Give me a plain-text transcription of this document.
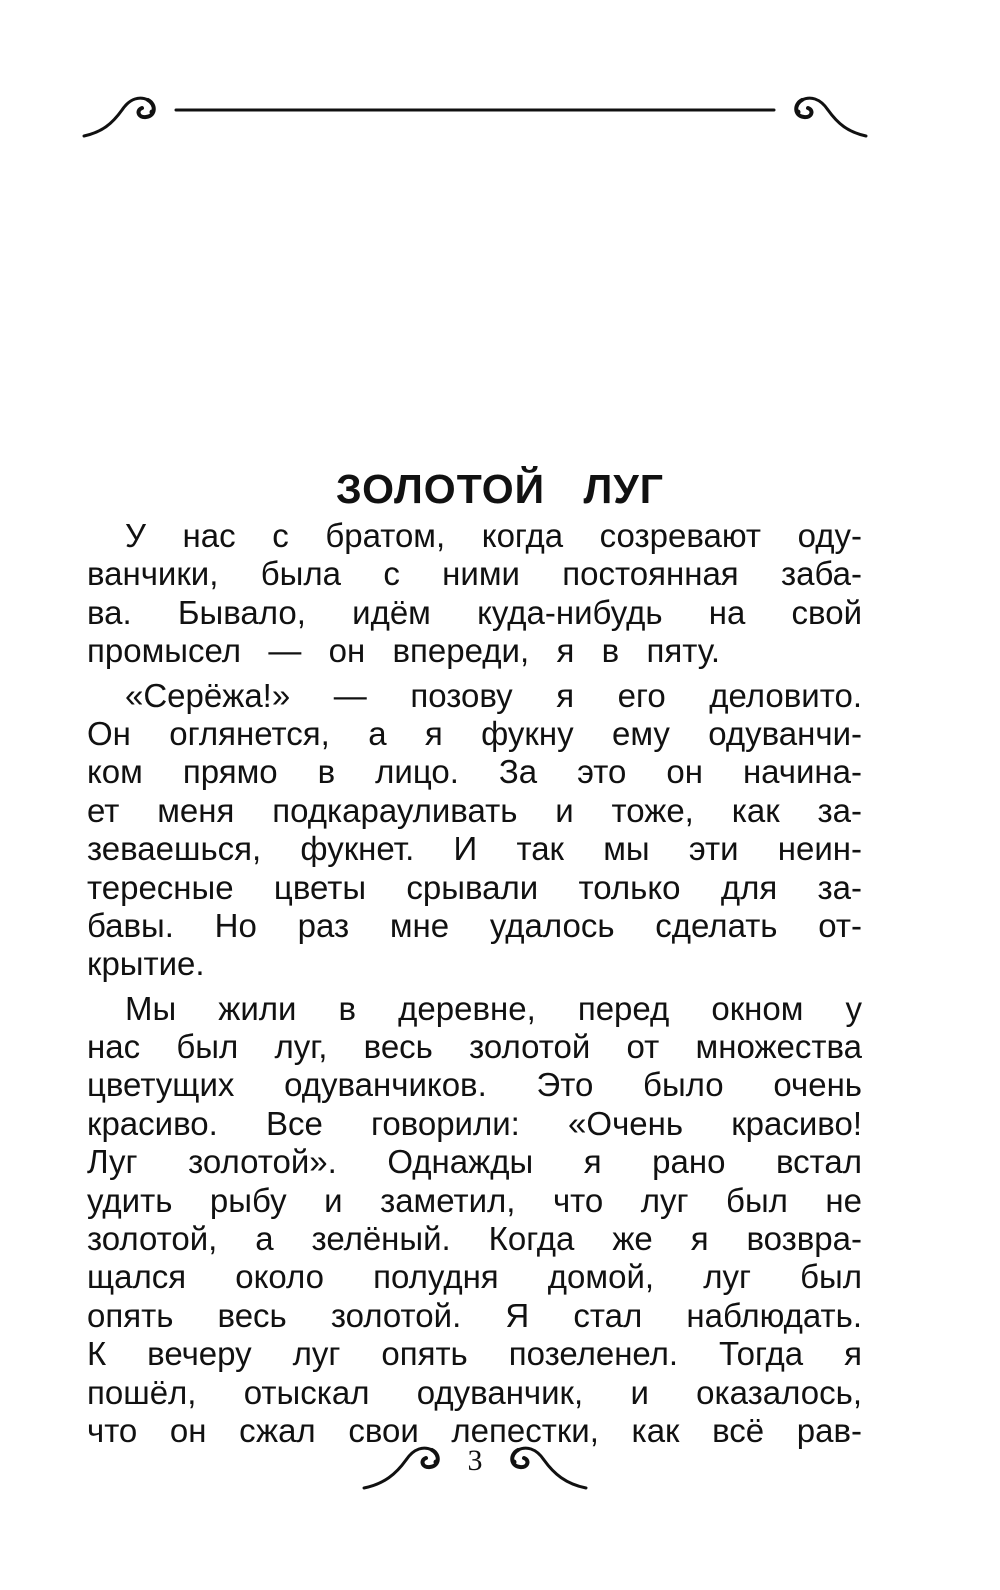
ЗОЛОТОЙ ЛУГ
У нас с братом, когда созревают оду-
ванчики, была с ними постоянная заба-
ва. Бывало, идём куда-нибудь на свой
промысел — он впереди, я в пяту.
«Серёжа!» — позову я его деловито.
Он оглянется, а я фукну ему одуванчи-
ком прямо в лицо. За это он начина-
ет меня подкарауливать и тоже, как за-
зеваешься, фукнет. И так мы эти неин-
тересные цветы срывали только для за-
бавы. Но раз мне удалось сделать от-
крытие.
Мы жили в деревне, перед окном у
нас был луг, весь золотой от множества
цветущих одуванчиков. Это было очень
красиво. Все говорили: «Очень красиво!
Луг золотой». Однажды я рано встал
удить рыбу и заметил, что луг был не
золотой, а зелёный. Когда же я возвра-
щался около полудня домой, луг был
опять весь золотой. Я стал наблюдать.
К вечеру луг опять позеленел. Тогда я
пошёл, отыскал одуванчик, и оказалось,
что он сжал свои лепестки, как всё рав-
3
